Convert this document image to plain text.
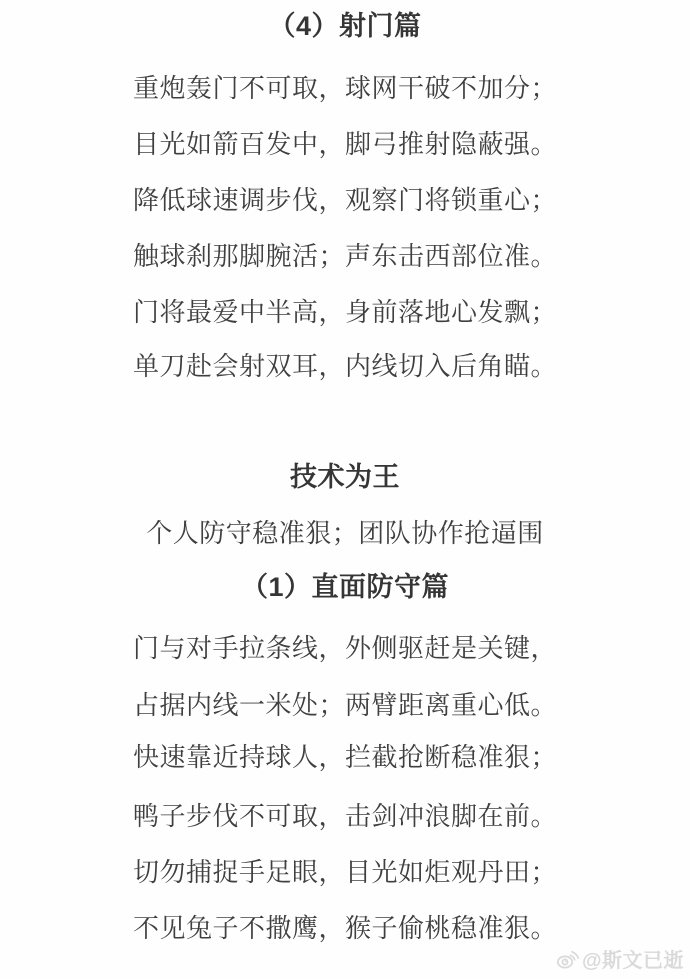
（4）射门篇

重炮轰门不可取，球网干破不加分；

目光如箭百发中，脚弓推射隐蔽强。

降低球速调步伐，观察门将锁重心；

触球刹那脚腕活；声东击西部位准。

门将最爱中半高，身前落地心发飘；

单刀赴会射双耳，内线切入后角瞄。

技术为王

个人防守稳准狠；团队协作抢逼围

（1）直面防守篇

门与对手拉条线，外侧驱赶是关键，

占据内线一米处；两臂距离重心低。

快速靠近持球人，拦截抢断稳准狠；

鸭子步伐不可取，击剑冲浪脚在前。

切勿捕捉手足眼，目光如炬观丹田；

不见兔子不撒鹰，猴子偷桃稳准狠。

@斯文已逝
